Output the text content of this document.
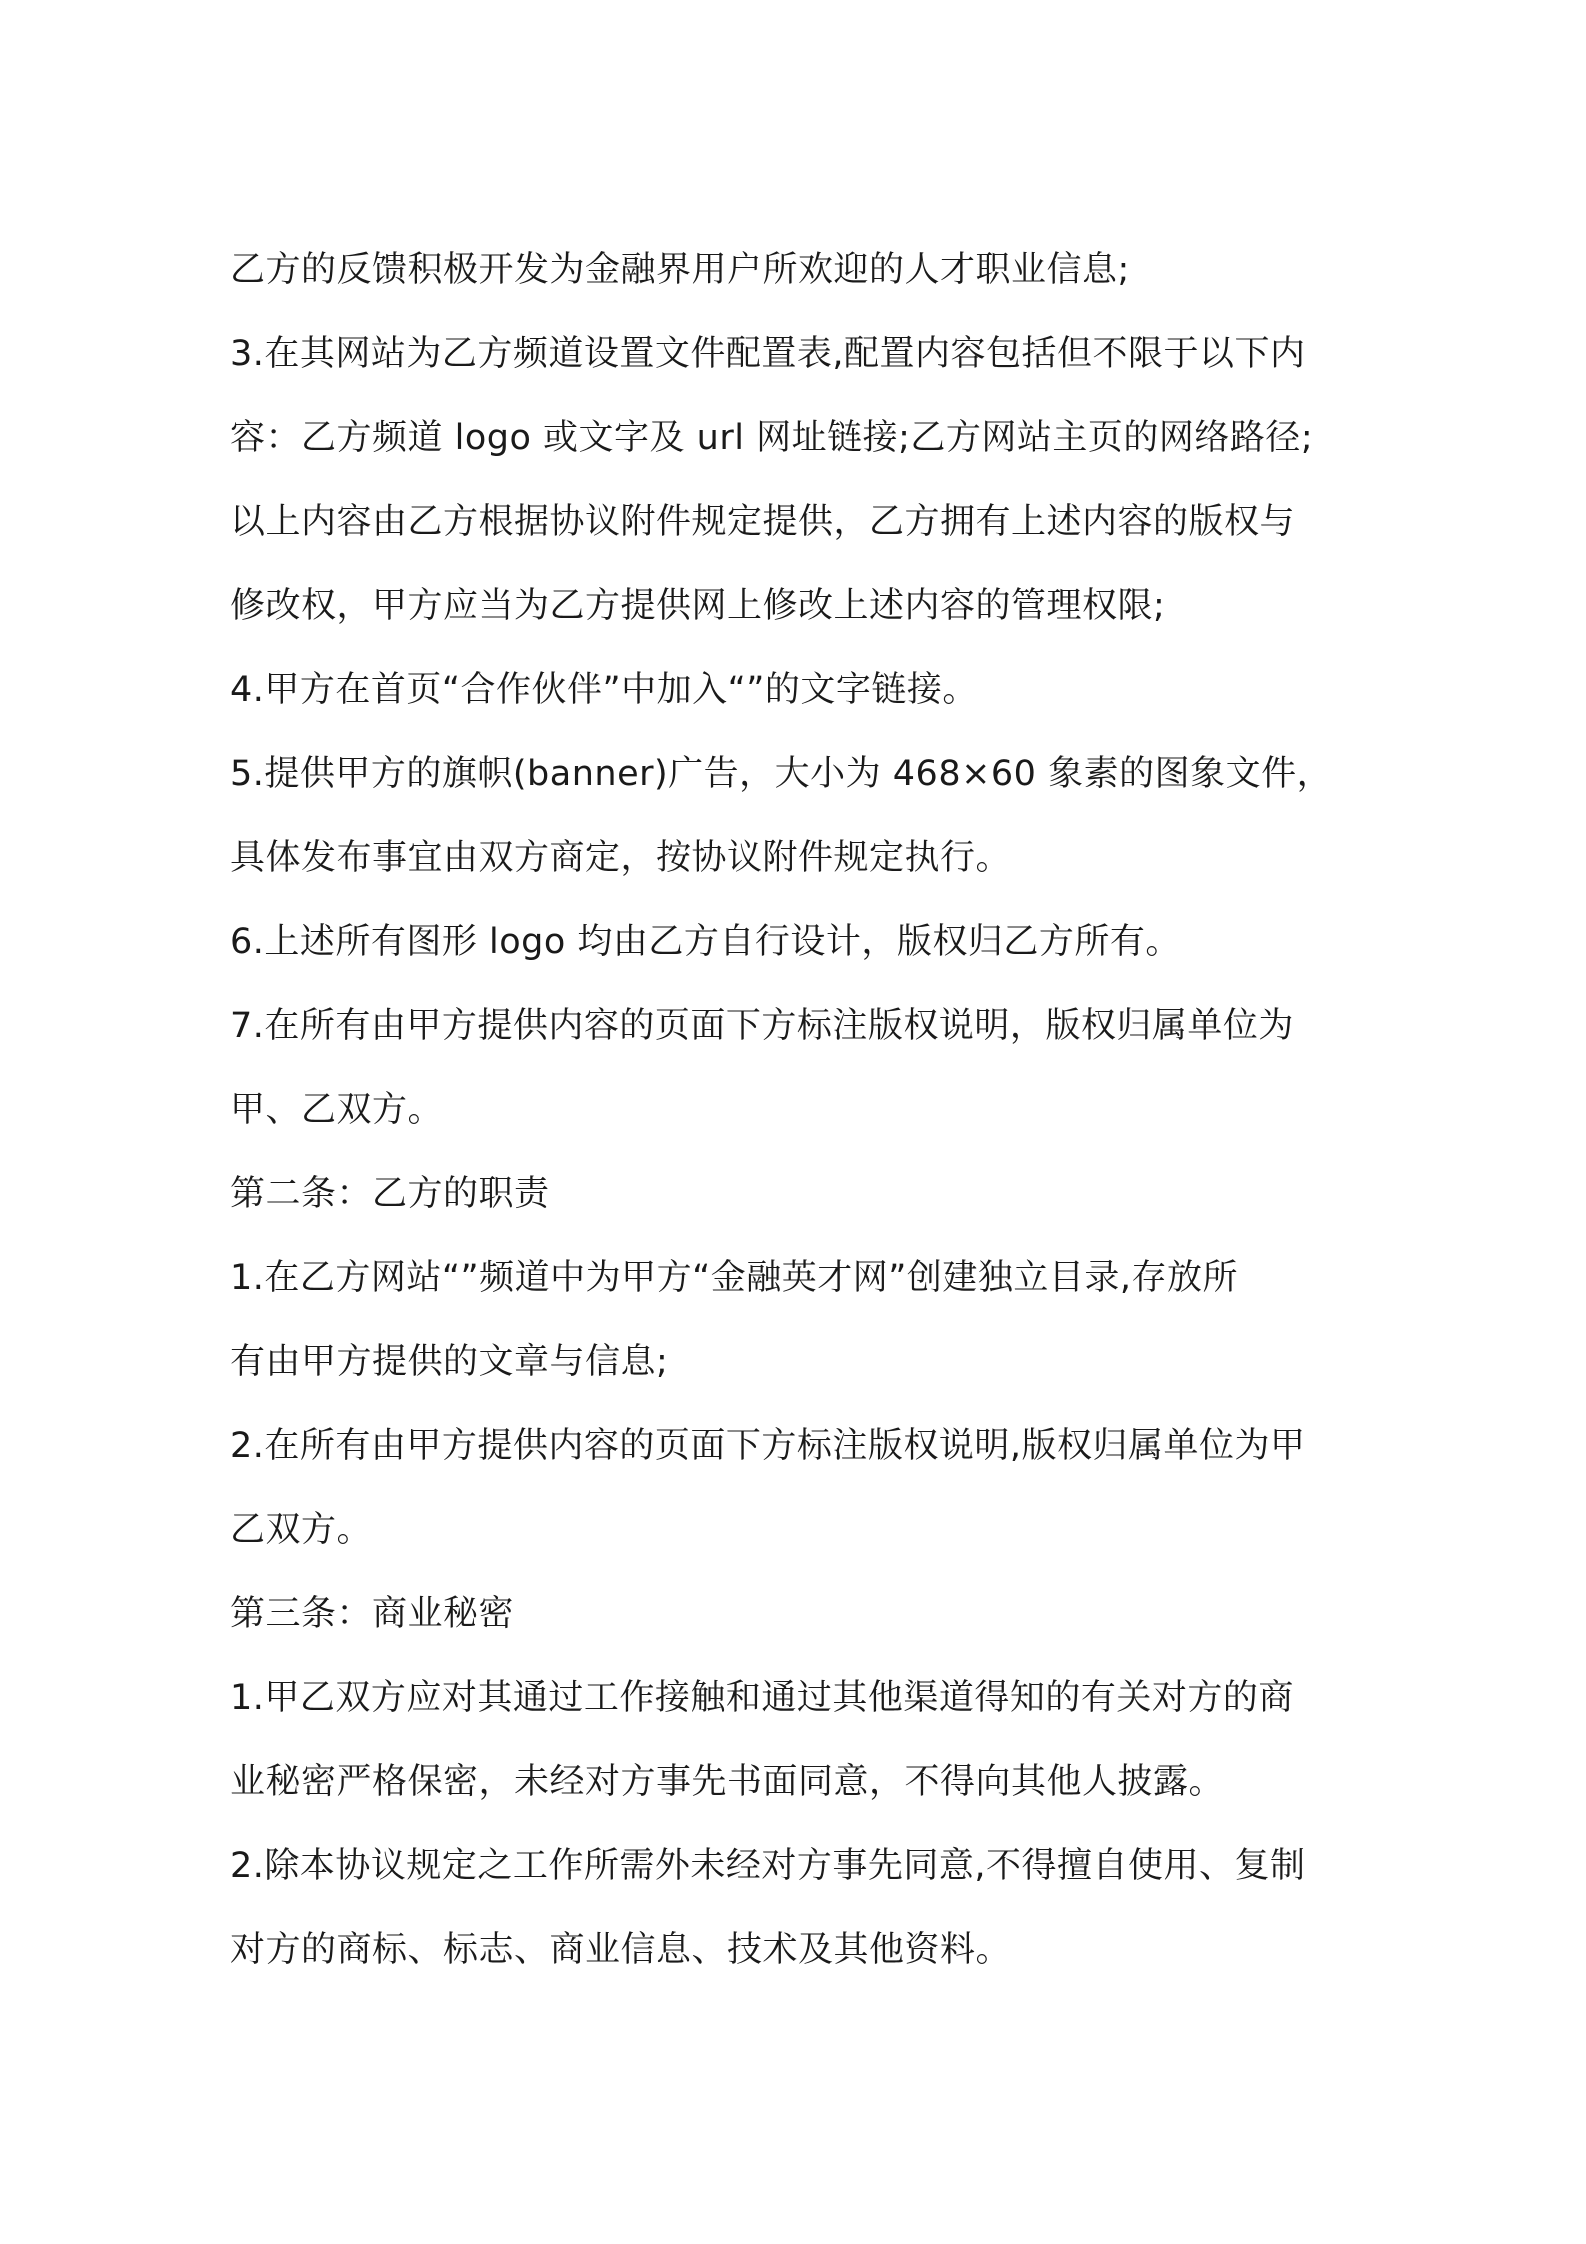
乙方的反馈积极开发为金融界用户所欢迎的人才职业信息;
3.在其网站为乙方频道设置文件配置表,配置内容包括但不限于以下内
容：乙方频道 logo 或文字及 url 网址链接;乙方网站主页的网络路径;
以上内容由乙方根据协议附件规定提供，乙方拥有上述内容的版权与
修改权，甲方应当为乙方提供网上修改上述内容的管理权限;
4.甲方在首页“合作伙伴”中加入“”的文字链接。
5.提供甲方的旗帜(banner)广告，大小为 468×60 象素的图象文件，
具体发布事宜由双方商定，按协议附件规定执行。
6.上述所有图形 logo 均由乙方自行设计，版权归乙方所有。
7.在所有由甲方提供内容的页面下方标注版权说明，版权归属单位为
甲、乙双方。
第二条：乙方的职责
1.在乙方网站“”频道中为甲方“金融英才网”创建独立目录,存放所
有由甲方提供的文章与信息;
2.在所有由甲方提供内容的页面下方标注版权说明,版权归属单位为甲
乙双方。
第三条：商业秘密
1.甲乙双方应对其通过工作接触和通过其他渠道得知的有关对方的商
业秘密严格保密，未经对方事先书面同意，不得向其他人披露。
2.除本协议规定之工作所需外未经对方事先同意,不得擅自使用、复制
对方的商标、标志、商业信息、技术及其他资料。
